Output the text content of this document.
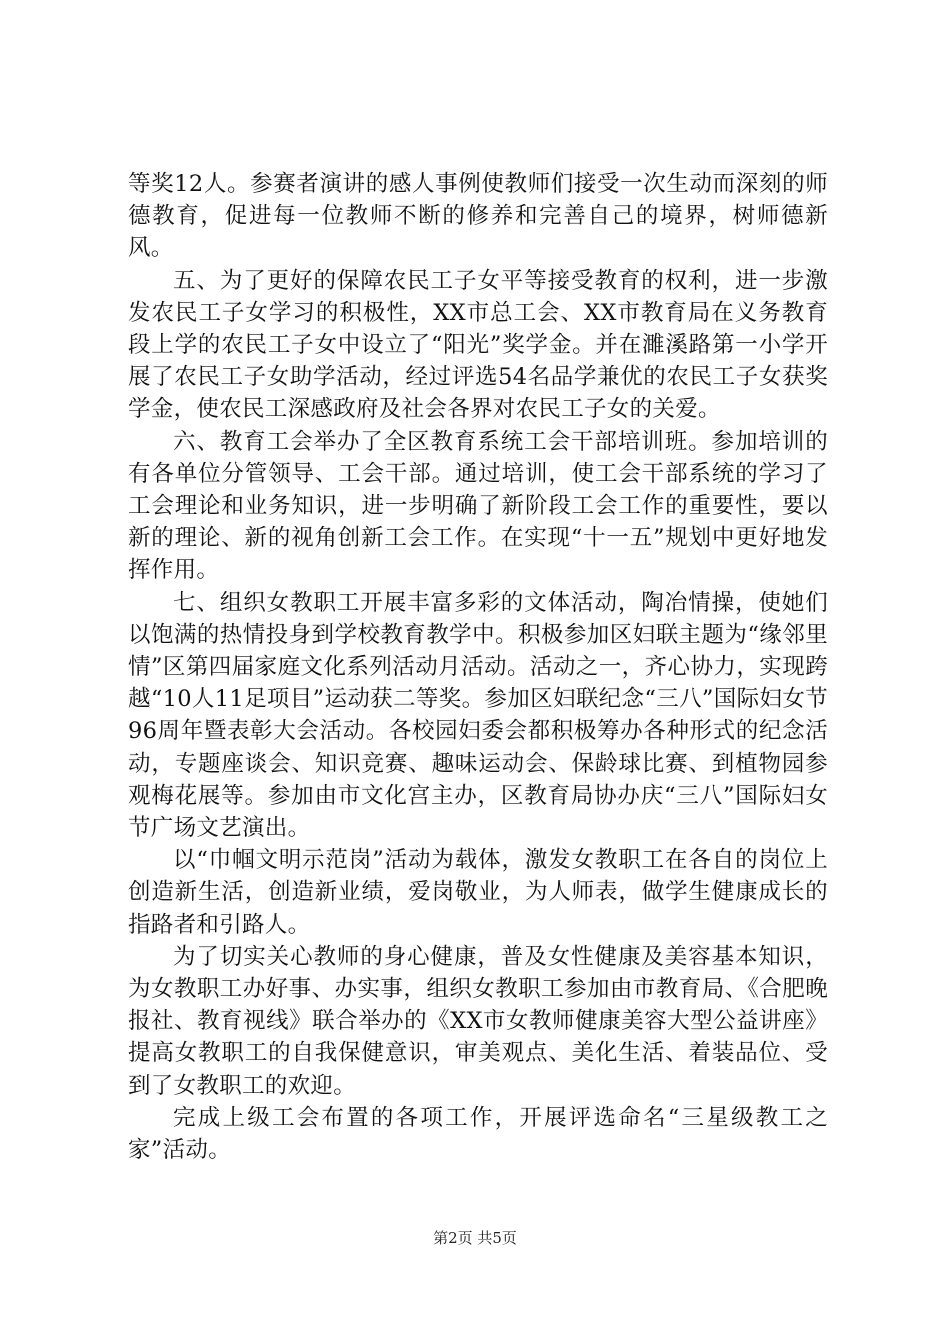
等奖12人。参赛者演讲的感人事例使教师们接受一次生动而深刻的师德教育，促进每一位教师不断的修养和完善自己的境界，树师德新风。

五、为了更好的保障农民工子女平等接受教育的权利，进一步激发农民工子女学习的积极性，XX市总工会、XX市教育局在义务教育段上学的农民工子女中设立了“阳光”奖学金。并在濉溪路第一小学开展了农民工子女助学活动，经过评选54名品学兼优的农民工子女获奖学金，使农民工深感政府及社会各界对农民工子女的关爱。

六、教育工会举办了全区教育系统工会干部培训班。参加培训的有各单位分管领导、工会干部。通过培训，使工会干部系统的学习了工会理论和业务知识，进一步明确了新阶段工会工作的重要性，要以新的理论、新的视角创新工会工作。在实现“十一五”规划中更好地发挥作用。

七、组织女教职工开展丰富多彩的文体活动，陶冶情操，使她们以饱满的热情投身到学校教育教学中。积极参加区妇联主题为“缘邻里情”区第四届家庭文化系列活动月活动。活动之一，齐心协力，实现跨越“10人11足项目”运动获二等奖。参加区妇联纪念“三八”国际妇女节96周年暨表彰大会活动。各校园妇委会都积极筹办各种形式的纪念活动，专题座谈会、知识竞赛、趣味运动会、保龄球比赛、到植物园参观梅花展等。参加由市文化宫主办，区教育局协办庆“三八”国际妇女节广场文艺演出。

以“巾帼文明示范岗”活动为载体，激发女教职工在各自的岗位上创造新生活，创造新业绩，爱岗敬业，为人师表，做学生健康成长的指路者和引路人。

为了切实关心教师的身心健康，普及女性健康及美容基本知识，为女教职工办好事、办实事，组织女教职工参加由市教育局、《合肥晚报社、教育视线》联合举办的《XX市女教师健康美容大型公益讲座》提高女教职工的自我保健意识，审美观点、美化生活、着装品位、受到了女教职工的欢迎。

完成上级工会布置的各项工作，开展评选命名“三星级教工之家”活动。

第2页 共5页
